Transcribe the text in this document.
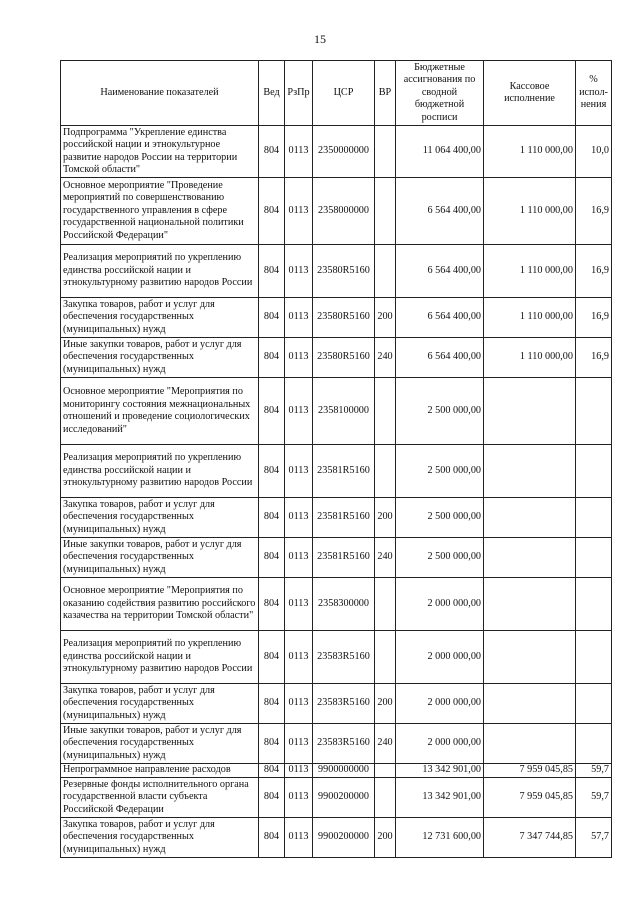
15
Наименование показателей	Вед	РзПр	ЦСР	ВР	Бюджетные ассигнования по сводной бюджетной росписи	Кассовое исполнение	% испол-нения
Подпрограмма "Укрепление единства российской нации и этнокультурное развитие народов России на территории Томской области"	804	0113	2350000000		11 064 400,00	1 110 000,00	10,0
Основное мероприятие "Проведение мероприятий по совершенствованию государственного управления в сфере государственной национальной политики Российской Федерации"	804	0113	2358000000		6 564 400,00	1 110 000,00	16,9
Реализация мероприятий по укреплению единства российской нации и этнокультурному развитию народов России	804	0113	23580R5160		6 564 400,00	1 110 000,00	16,9
Закупка товаров, работ и услуг для обеспечения государственных (муниципальных) нужд	804	0113	23580R5160	200	6 564 400,00	1 110 000,00	16,9
Иные закупки товаров, работ и услуг для обеспечения государственных (муниципальных) нужд	804	0113	23580R5160	240	6 564 400,00	1 110 000,00	16,9
Основное мероприятие "Мероприятия по мониторингу состояния межнациональных отношений и проведение социологических исследований"	804	0113	2358100000		2 500 000,00		
Реализация мероприятий по укреплению единства российской нации и этнокультурному развитию народов России	804	0113	23581R5160		2 500 000,00		
Закупка товаров, работ и услуг для обеспечения государственных (муниципальных) нужд	804	0113	23581R5160	200	2 500 000,00		
Иные закупки товаров, работ и услуг для обеспечения государственных (муниципальных) нужд	804	0113	23581R5160	240	2 500 000,00		
Основное мероприятие "Мероприятия по оказанию содействия развитию российского казачества на территории Томской области"	804	0113	2358300000		2 000 000,00		
Реализация мероприятий по укреплению единства российской нации и этнокультурному развитию народов России	804	0113	23583R5160		2 000 000,00		
Закупка товаров, работ и услуг для обеспечения государственных (муниципальных) нужд	804	0113	23583R5160	200	2 000 000,00		
Иные закупки товаров, работ и услуг для обеспечения государственных (муниципальных) нужд	804	0113	23583R5160	240	2 000 000,00		
Непрограммное направление расходов	804	0113	9900000000		13 342 901,00	7 959 045,85	59,7
Резервные фонды исполнительного органа государственной власти субъекта Российской Федерации	804	0113	9900200000		13 342 901,00	7 959 045,85	59,7
Закупка товаров, работ и услуг для обеспечения государственных (муниципальных) нужд	804	0113	9900200000	200	12 731 600,00	7 347 744,85	57,7
